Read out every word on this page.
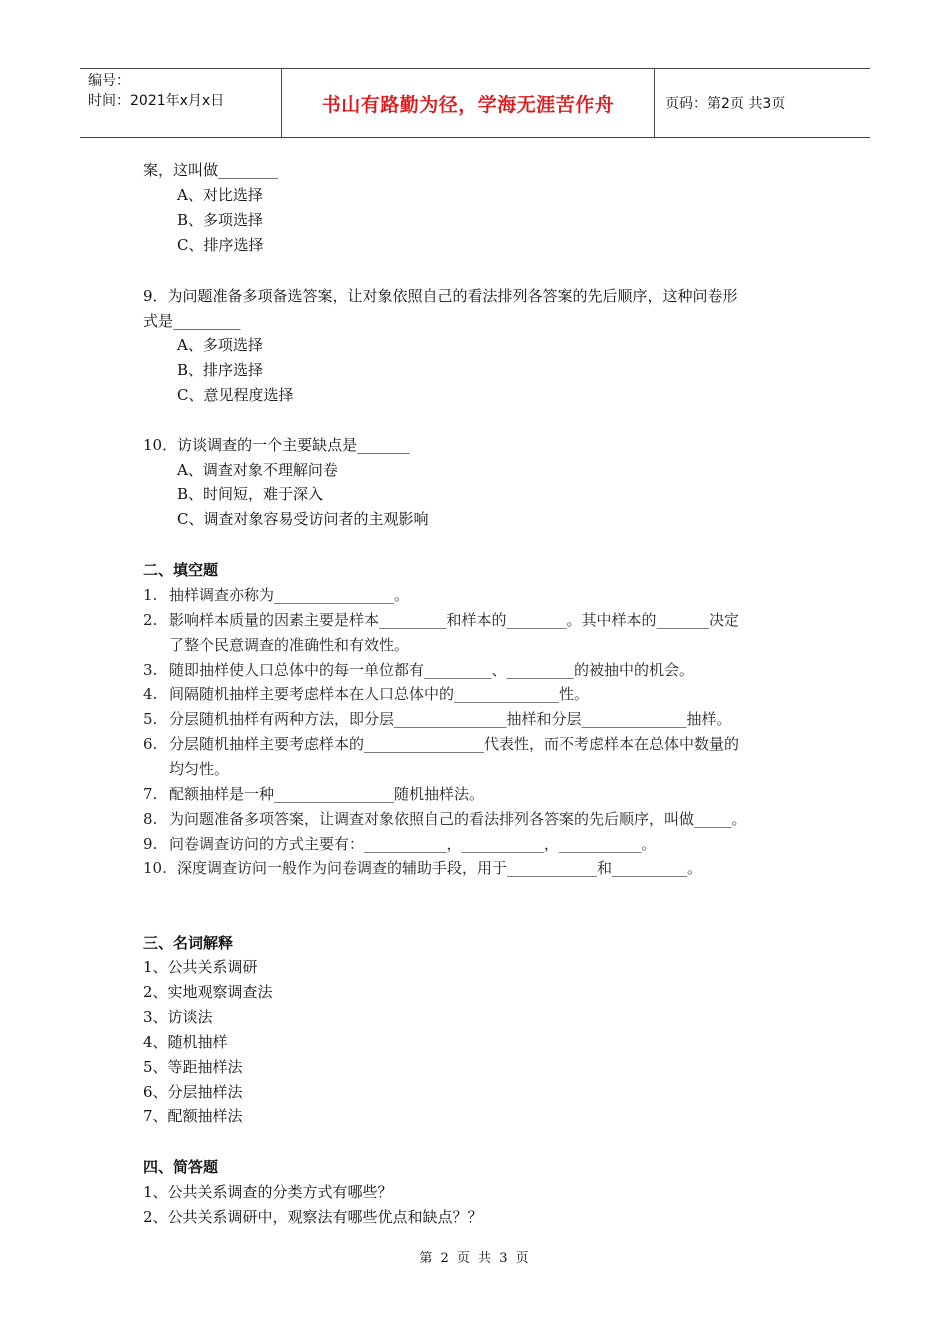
编号：
时间：2021年x月x日	书山有路勤为径，学海无涯苦作舟	页码：第2页 共3页
案，这叫做________
A、对比选择
B、多项选择
C、排序选择
9．为问题准备多项备选答案，让对象依照自己的看法排列各答案的先后顺序，这种问卷形
式是_________
A、多项选择
B、排序选择
C、意见程度选择
10．访谈调查的一个主要缺点是_______
A、调查对象不理解问卷
B、时间短，难于深入
C、调查对象容易受访问者的主观影响
二、填空题
1. 抽样调查亦称为________________。
2. 影响样本质量的因素主要是样本_________和样本的________。其中样本的_______决定
了整个民意调查的准确性和有效性。
3. 随即抽样使人口总体中的每一单位都有_________、_________的被抽中的机会。
4. 间隔随机抽样主要考虑样本在人口总体中的______________性。
5. 分层随机抽样有两种方法，即分层_______________抽样和分层______________抽样。
6. 分层随机抽样主要考虑样本的________________代表性，而不考虑样本在总体中数量的
均匀性。
7. 配额抽样是一种________________随机抽样法。
8. 为问题准备多项答案，让调查对象依照自己的看法排列各答案的先后顺序，叫做_____。
9. 问卷调查访问的方式主要有：___________，___________，___________。
10. 深度调查访问一般作为问卷调查的辅助手段，用于____________和__________。
三、名词解释
1、公共关系调研
2、实地观察调查法
3、访谈法
4、随机抽样
5、等距抽样法
6、分层抽样法
7、配额抽样法
四、简答题
1、公共关系调查的分类方式有哪些？
2、公共关系调研中，观察法有哪些优点和缺点？？
第 2 页 共 3 页
